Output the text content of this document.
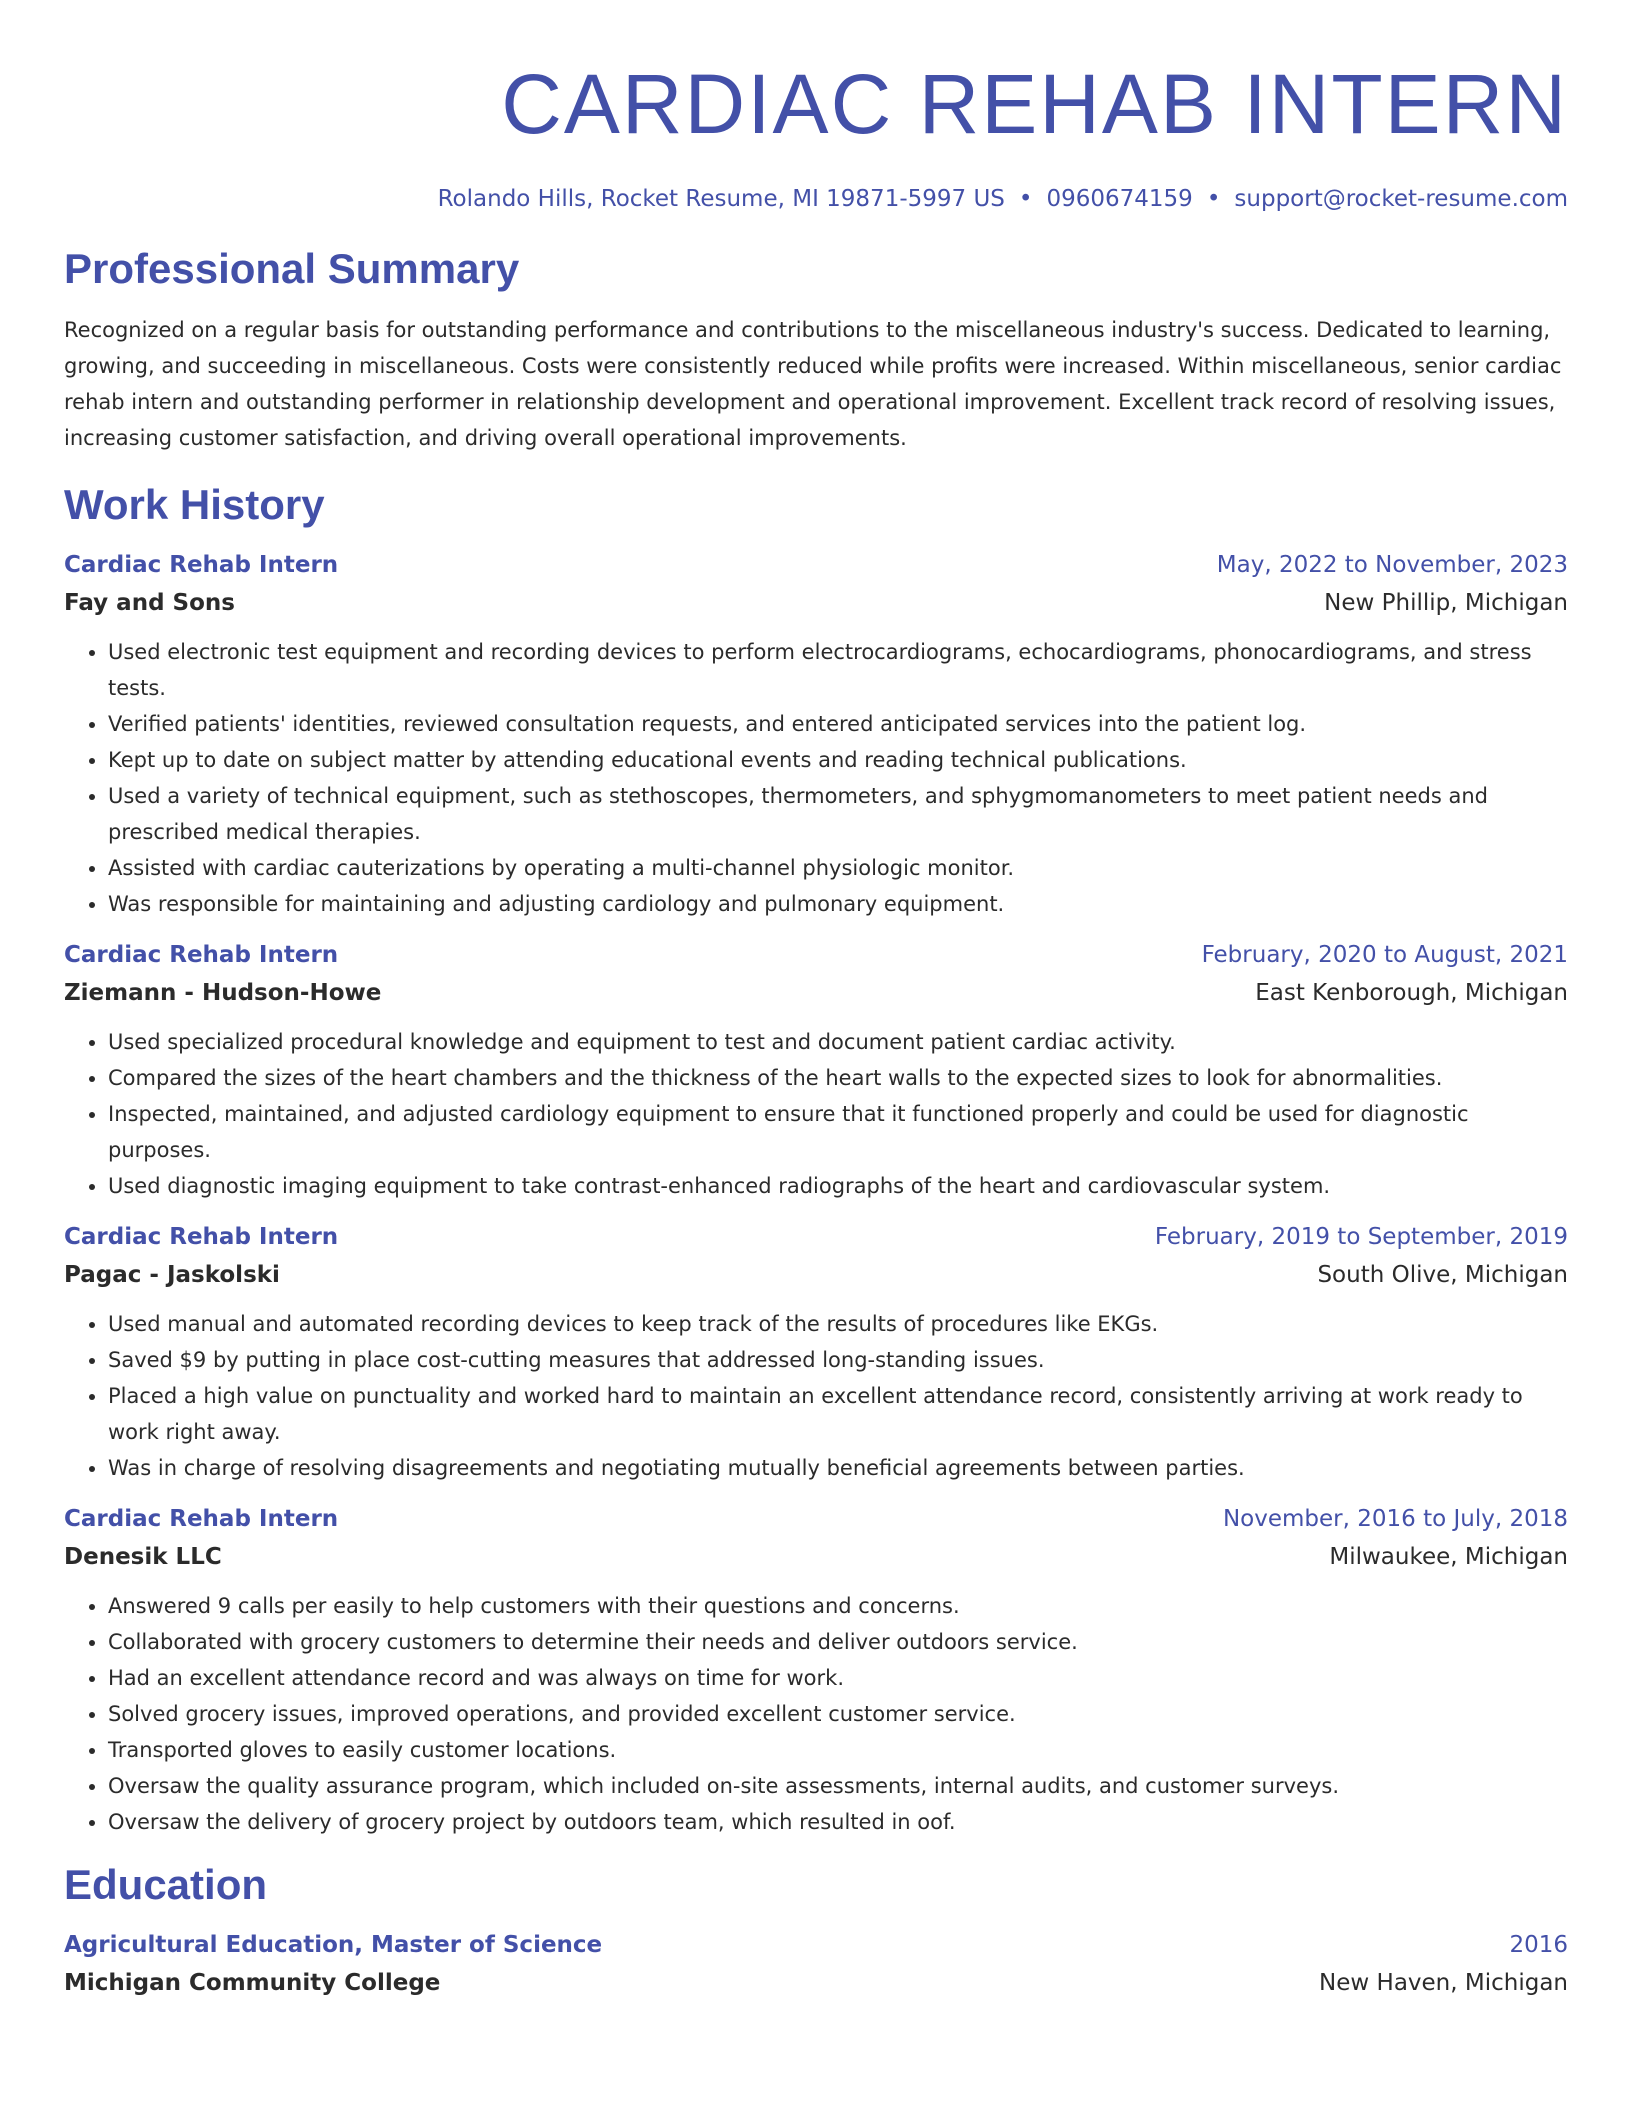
CARDIAC REHAB INTERN
Rolando Hills, Rocket Resume, MI 19871-5997 US • 0960674159 • support@rocket-resume.com
Professional Summary
Recognized on a regular basis for outstanding performance and contributions to the miscellaneous industry's success. Dedicated to learning, growing, and succeeding in miscellaneous. Costs were consistently reduced while profits were increased. Within miscellaneous, senior cardiac rehab intern and outstanding performer in relationship development and operational improvement. Excellent track record of resolving issues, increasing customer satisfaction, and driving overall operational improvements.
Work History
Cardiac Rehab Intern	May, 2022 to November, 2023
Fay and Sons	New Phillip, Michigan
• Used electronic test equipment and recording devices to perform electrocardiograms, echocardiograms, phonocardiograms, and stress tests.
• Verified patients' identities, reviewed consultation requests, and entered anticipated services into the patient log.
• Kept up to date on subject matter by attending educational events and reading technical publications.
• Used a variety of technical equipment, such as stethoscopes, thermometers, and sphygmomanometers to meet patient needs and prescribed medical therapies.
• Assisted with cardiac cauterizations by operating a multi-channel physiologic monitor.
• Was responsible for maintaining and adjusting cardiology and pulmonary equipment.
Cardiac Rehab Intern	February, 2020 to August, 2021
Ziemann - Hudson-Howe	East Kenborough, Michigan
• Used specialized procedural knowledge and equipment to test and document patient cardiac activity.
• Compared the sizes of the heart chambers and the thickness of the heart walls to the expected sizes to look for abnormalities.
• Inspected, maintained, and adjusted cardiology equipment to ensure that it functioned properly and could be used for diagnostic purposes.
• Used diagnostic imaging equipment to take contrast-enhanced radiographs of the heart and cardiovascular system.
Cardiac Rehab Intern	February, 2019 to September, 2019
Pagac - Jaskolski	South Olive, Michigan
• Used manual and automated recording devices to keep track of the results of procedures like EKGs.
• Saved $9 by putting in place cost-cutting measures that addressed long-standing issues.
• Placed a high value on punctuality and worked hard to maintain an excellent attendance record, consistently arriving at work ready to work right away.
• Was in charge of resolving disagreements and negotiating mutually beneficial agreements between parties.
Cardiac Rehab Intern	November, 2016 to July, 2018
Denesik LLC	Milwaukee, Michigan
• Answered 9 calls per easily to help customers with their questions and concerns.
• Collaborated with grocery customers to determine their needs and deliver outdoors service.
• Had an excellent attendance record and was always on time for work.
• Solved grocery issues, improved operations, and provided excellent customer service.
• Transported gloves to easily customer locations.
• Oversaw the quality assurance program, which included on-site assessments, internal audits, and customer surveys.
• Oversaw the delivery of grocery project by outdoors team, which resulted in oof.
Education
Agricultural Education, Master of Science	2016
Michigan Community College	New Haven, Michigan
